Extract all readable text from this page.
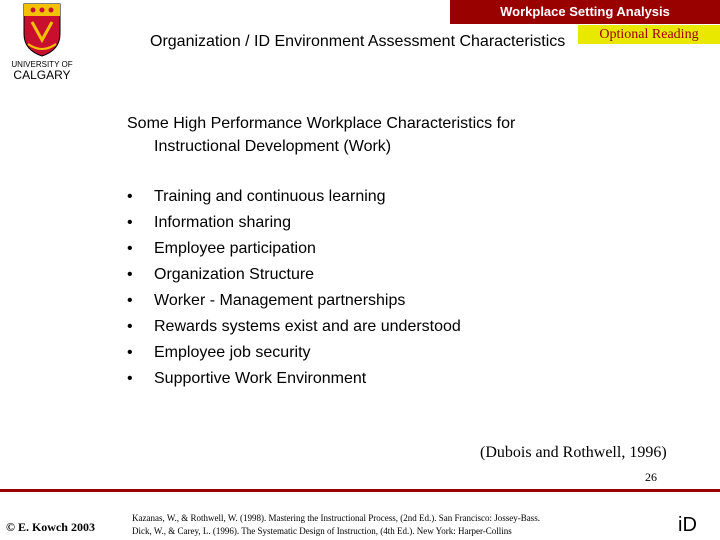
Workplace Setting Analysis
Optional Reading
Organization / ID Environment Assessment Characteristics
UNIVERSITY OF
CALGARY
Some High Performance Workplace Characteristics for
Instructional Development (Work)
• Training and continuous learning
• Information sharing
• Employee participation
• Organization Structure
• Worker - Management partnerships
• Rewards systems exist and are understood
• Employee job security
• Supportive Work Environment
(Dubois and Rothwell, 1996)
26
© E. Kowch 2003
Kazanas, W., & Rothwell, W. (1998). Mastering the Instructional Process, (2nd Ed.). San Francisco: Jossey-Bass.
Dick, W., & Carey, L. (1996). The Systematic Design of Instruction, (4th Ed.). New York: Harper-Collins	iD
